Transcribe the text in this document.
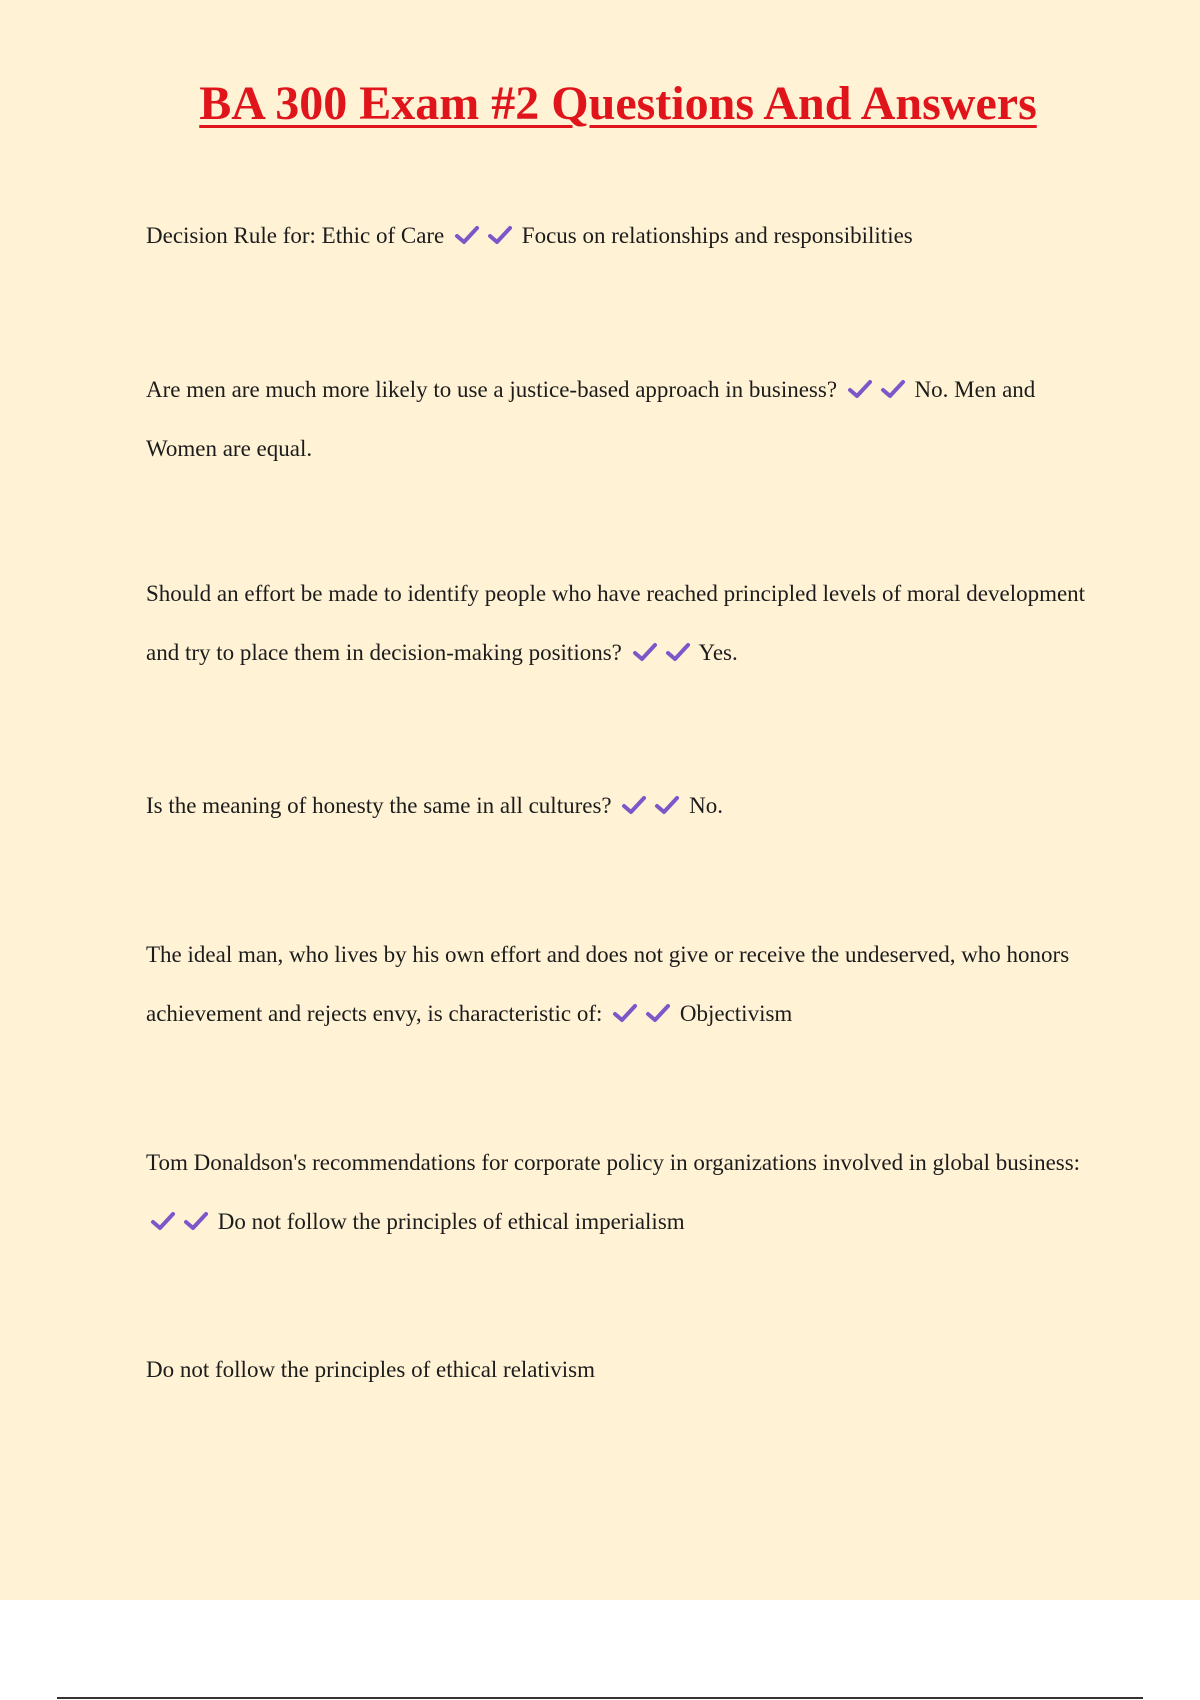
BA 300 Exam #2 Questions And Answers

Decision Rule for: Ethic of Care	Focus on relationships and responsibilities

Are men are much more likely to use a justice-based approach in business?	No. Men and Women are equal.

Should an effort be made to identify people who have reached principled levels of moral development and try to place them in decision-making positions?	Yes.

Is the meaning of honesty the same in all cultures?	No.

The ideal man, who lives by his own effort and does not give or receive the undeserved, who honors achievement and rejects envy, is characteristic of:	Objectivism

Tom Donaldson's recommendations for corporate policy in organizations involved in global business:
Do not follow the principles of ethical imperialism

Do not follow the principles of ethical relativism
